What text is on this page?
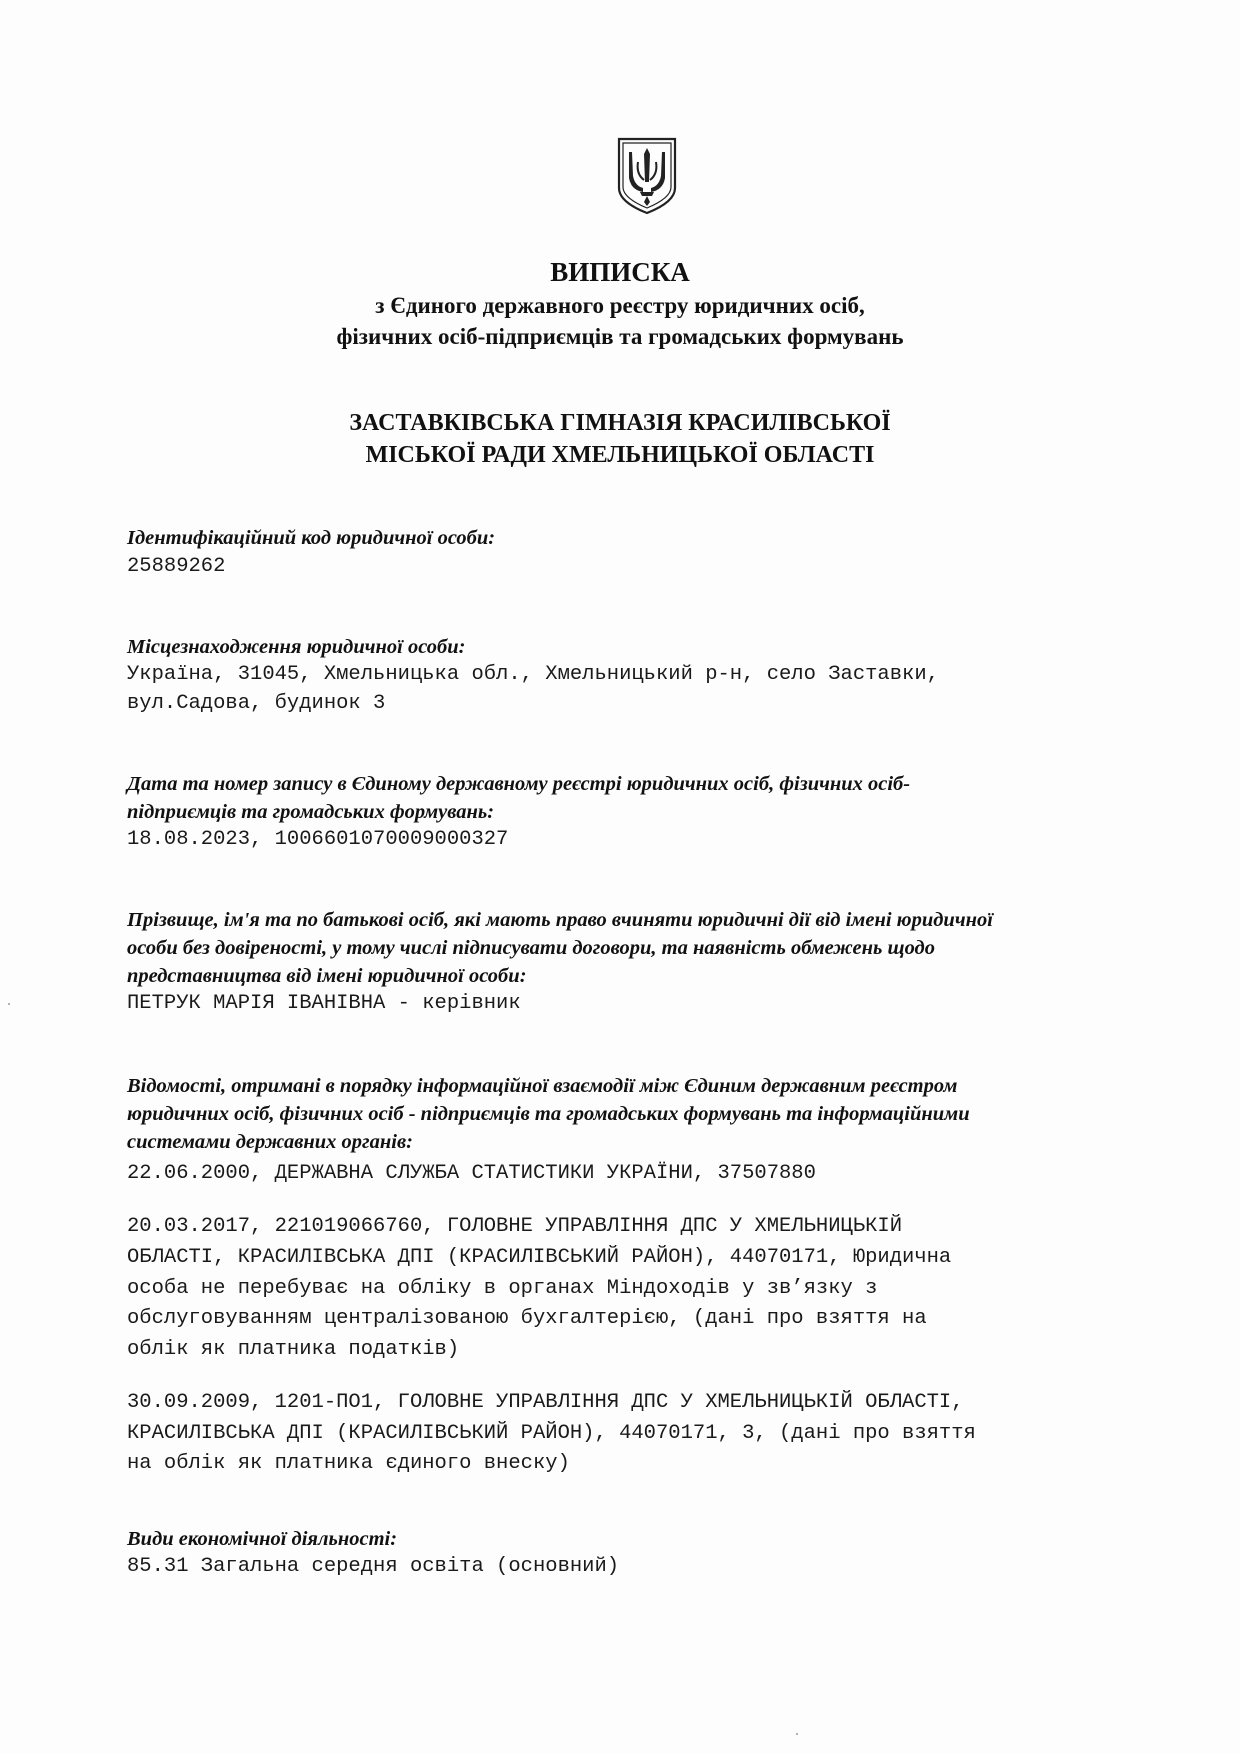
ВИПИСКА
з Єдиного державного реєстру юридичних осіб,
фізичних осіб-підприємців та громадських формувань
ЗАСТАВКІВСЬКА ГІМНАЗІЯ КРАСИЛІВСЬКОЇ
МІСЬКОЇ РАДИ ХМЕЛЬНИЦЬКОЇ ОБЛАСТІ
Ідентифікаційний код юридичної особи:
25889262
Місцезнаходження юридичної особи:
Україна, 31045, Хмельницька обл., Хмельницький р-н, село Заставки,
вул.Садова, будинок 3
Дата та номер запису в Єдиному державному реєстрі юридичних осіб, фізичних осіб-
підприємців та громадських формувань:
18.08.2023, 1006601070009000327
Прізвище, ім'я та по батькові осіб, які мають право вчиняти юридичні дії від імені юридичної
особи без довіреності, у тому числі підписувати договори, та наявність обмежень щодо
представництва від імені юридичної особи:
ПЕТРУК МАРІЯ ІВАНІВНА - керівник
Відомості, отримані в порядку інформаційної взаємодії між Єдиним державним реєстром
юридичних осіб, фізичних осіб - підприємців та громадських формувань та інформаційними
системами державних органів:
22.06.2000, ДЕРЖАВНА СЛУЖБА СТАТИСТИКИ УКРАЇНИ, 37507880
20.03.2017, 221019066760, ГОЛОВНЕ УПРАВЛІННЯ ДПС У ХМЕЛЬНИЦЬКІЙ
ОБЛАСТІ, КРАСИЛІВСЬКА ДПІ (КРАСИЛІВСЬКИЙ РАЙОН), 44070171, Юридична
особа не перебуває на обліку в органах Міндоходів у зв’язку з
обслуговуванням централізованою бухгалтерією, (дані про взяття на
облік як платника податків)
30.09.2009, 1201-ПО1, ГОЛОВНЕ УПРАВЛІННЯ ДПС У ХМЕЛЬНИЦЬКІЙ ОБЛАСТІ,
КРАСИЛІВСЬКА ДПІ (КРАСИЛІВСЬКИЙ РАЙОН), 44070171, 3, (дані про взяття
на облік як платника єдиного внеску)
Види економічної діяльності:
85.31 Загальна середня освіта (основний)
